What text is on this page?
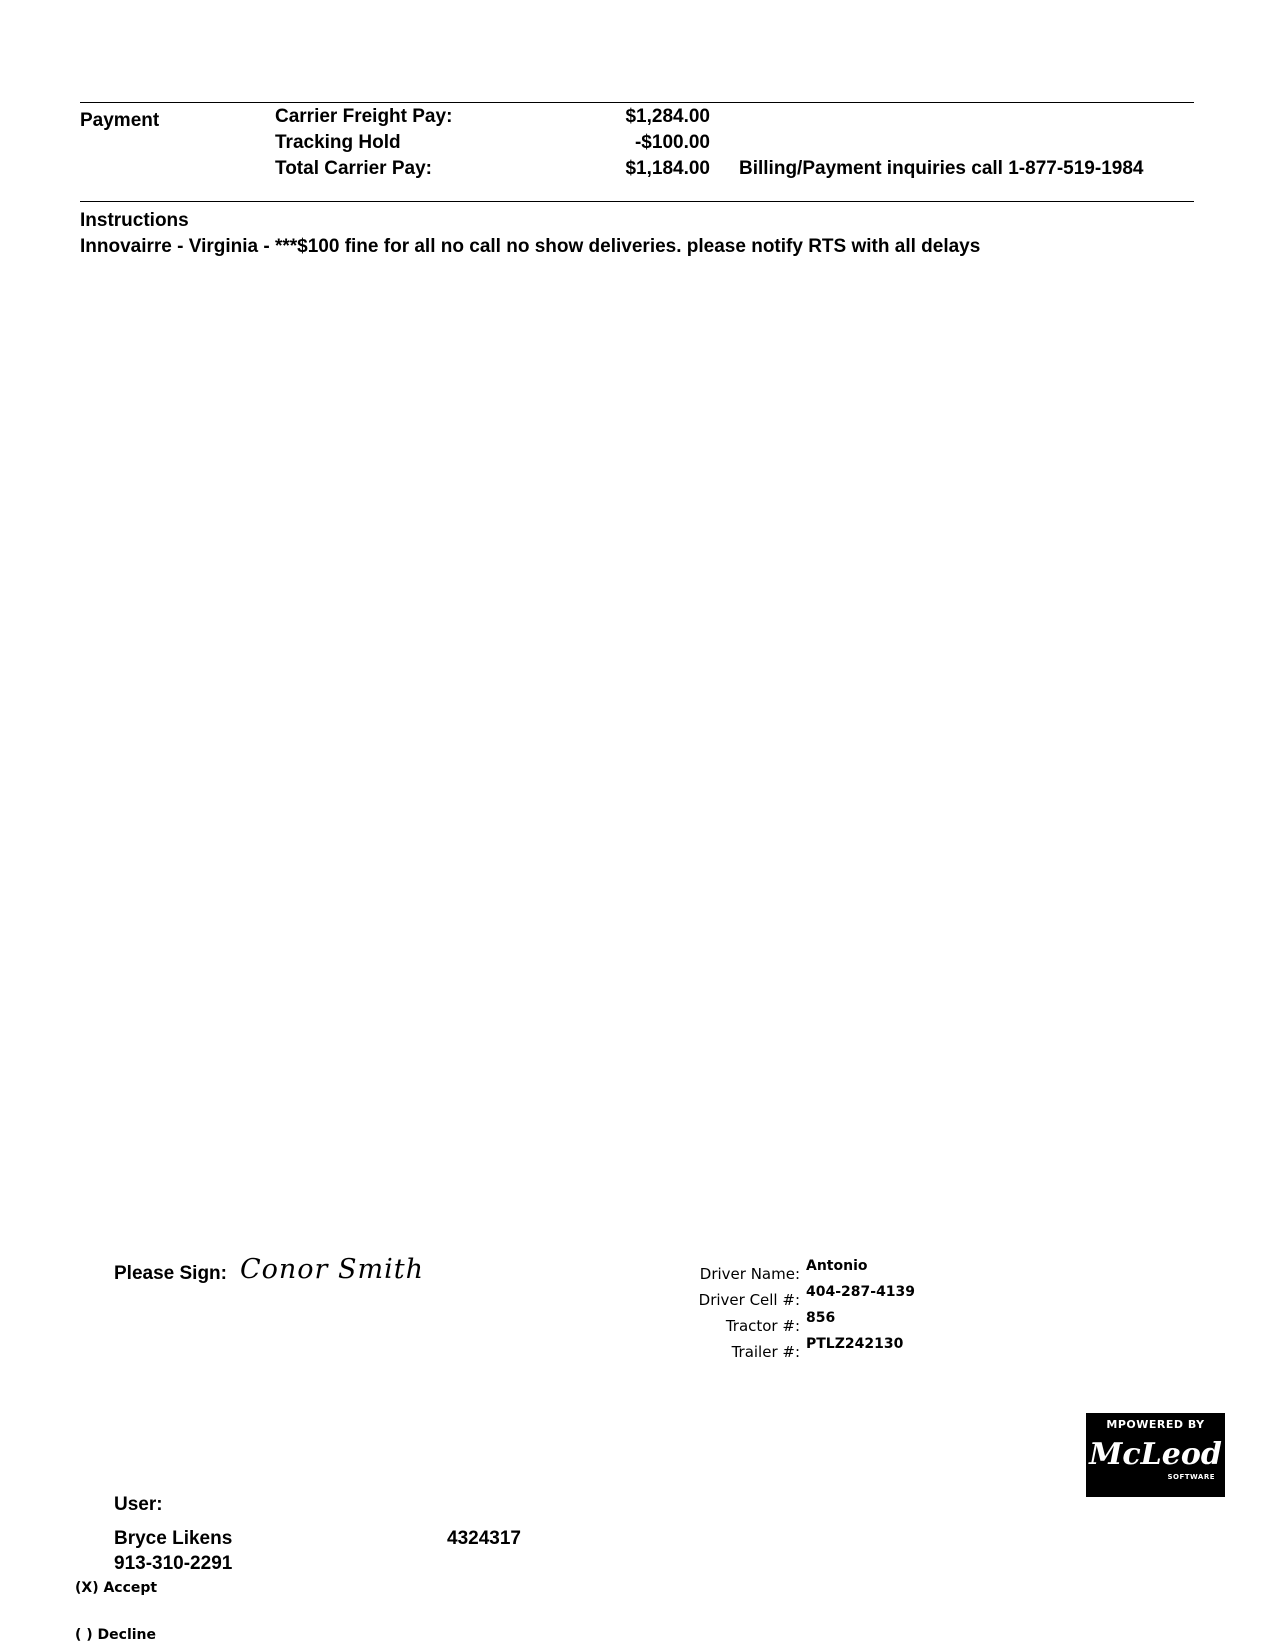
Payment	Carrier Freight Pay:	$1,284.00
Tracking Hold	-$100.00
Total Carrier Pay:	$1,184.00 Billing/Payment inquiries call 1-877-519-1984
Instructions
Innovairre - Virginia - ***$100 fine for all no call no show deliveries. please notify RTS with all delays
Please Sign: Conor Smith	Driver Name: Antonio
Driver Cell #: 404-287-4139
Tractor #: 856
Trailer #: PTLZ242130
MPOWERED BY
McLeod
SOFTWARE
User:
Bryce Likens	4324317
913-310-2291
(X) Accept
( ) Decline
